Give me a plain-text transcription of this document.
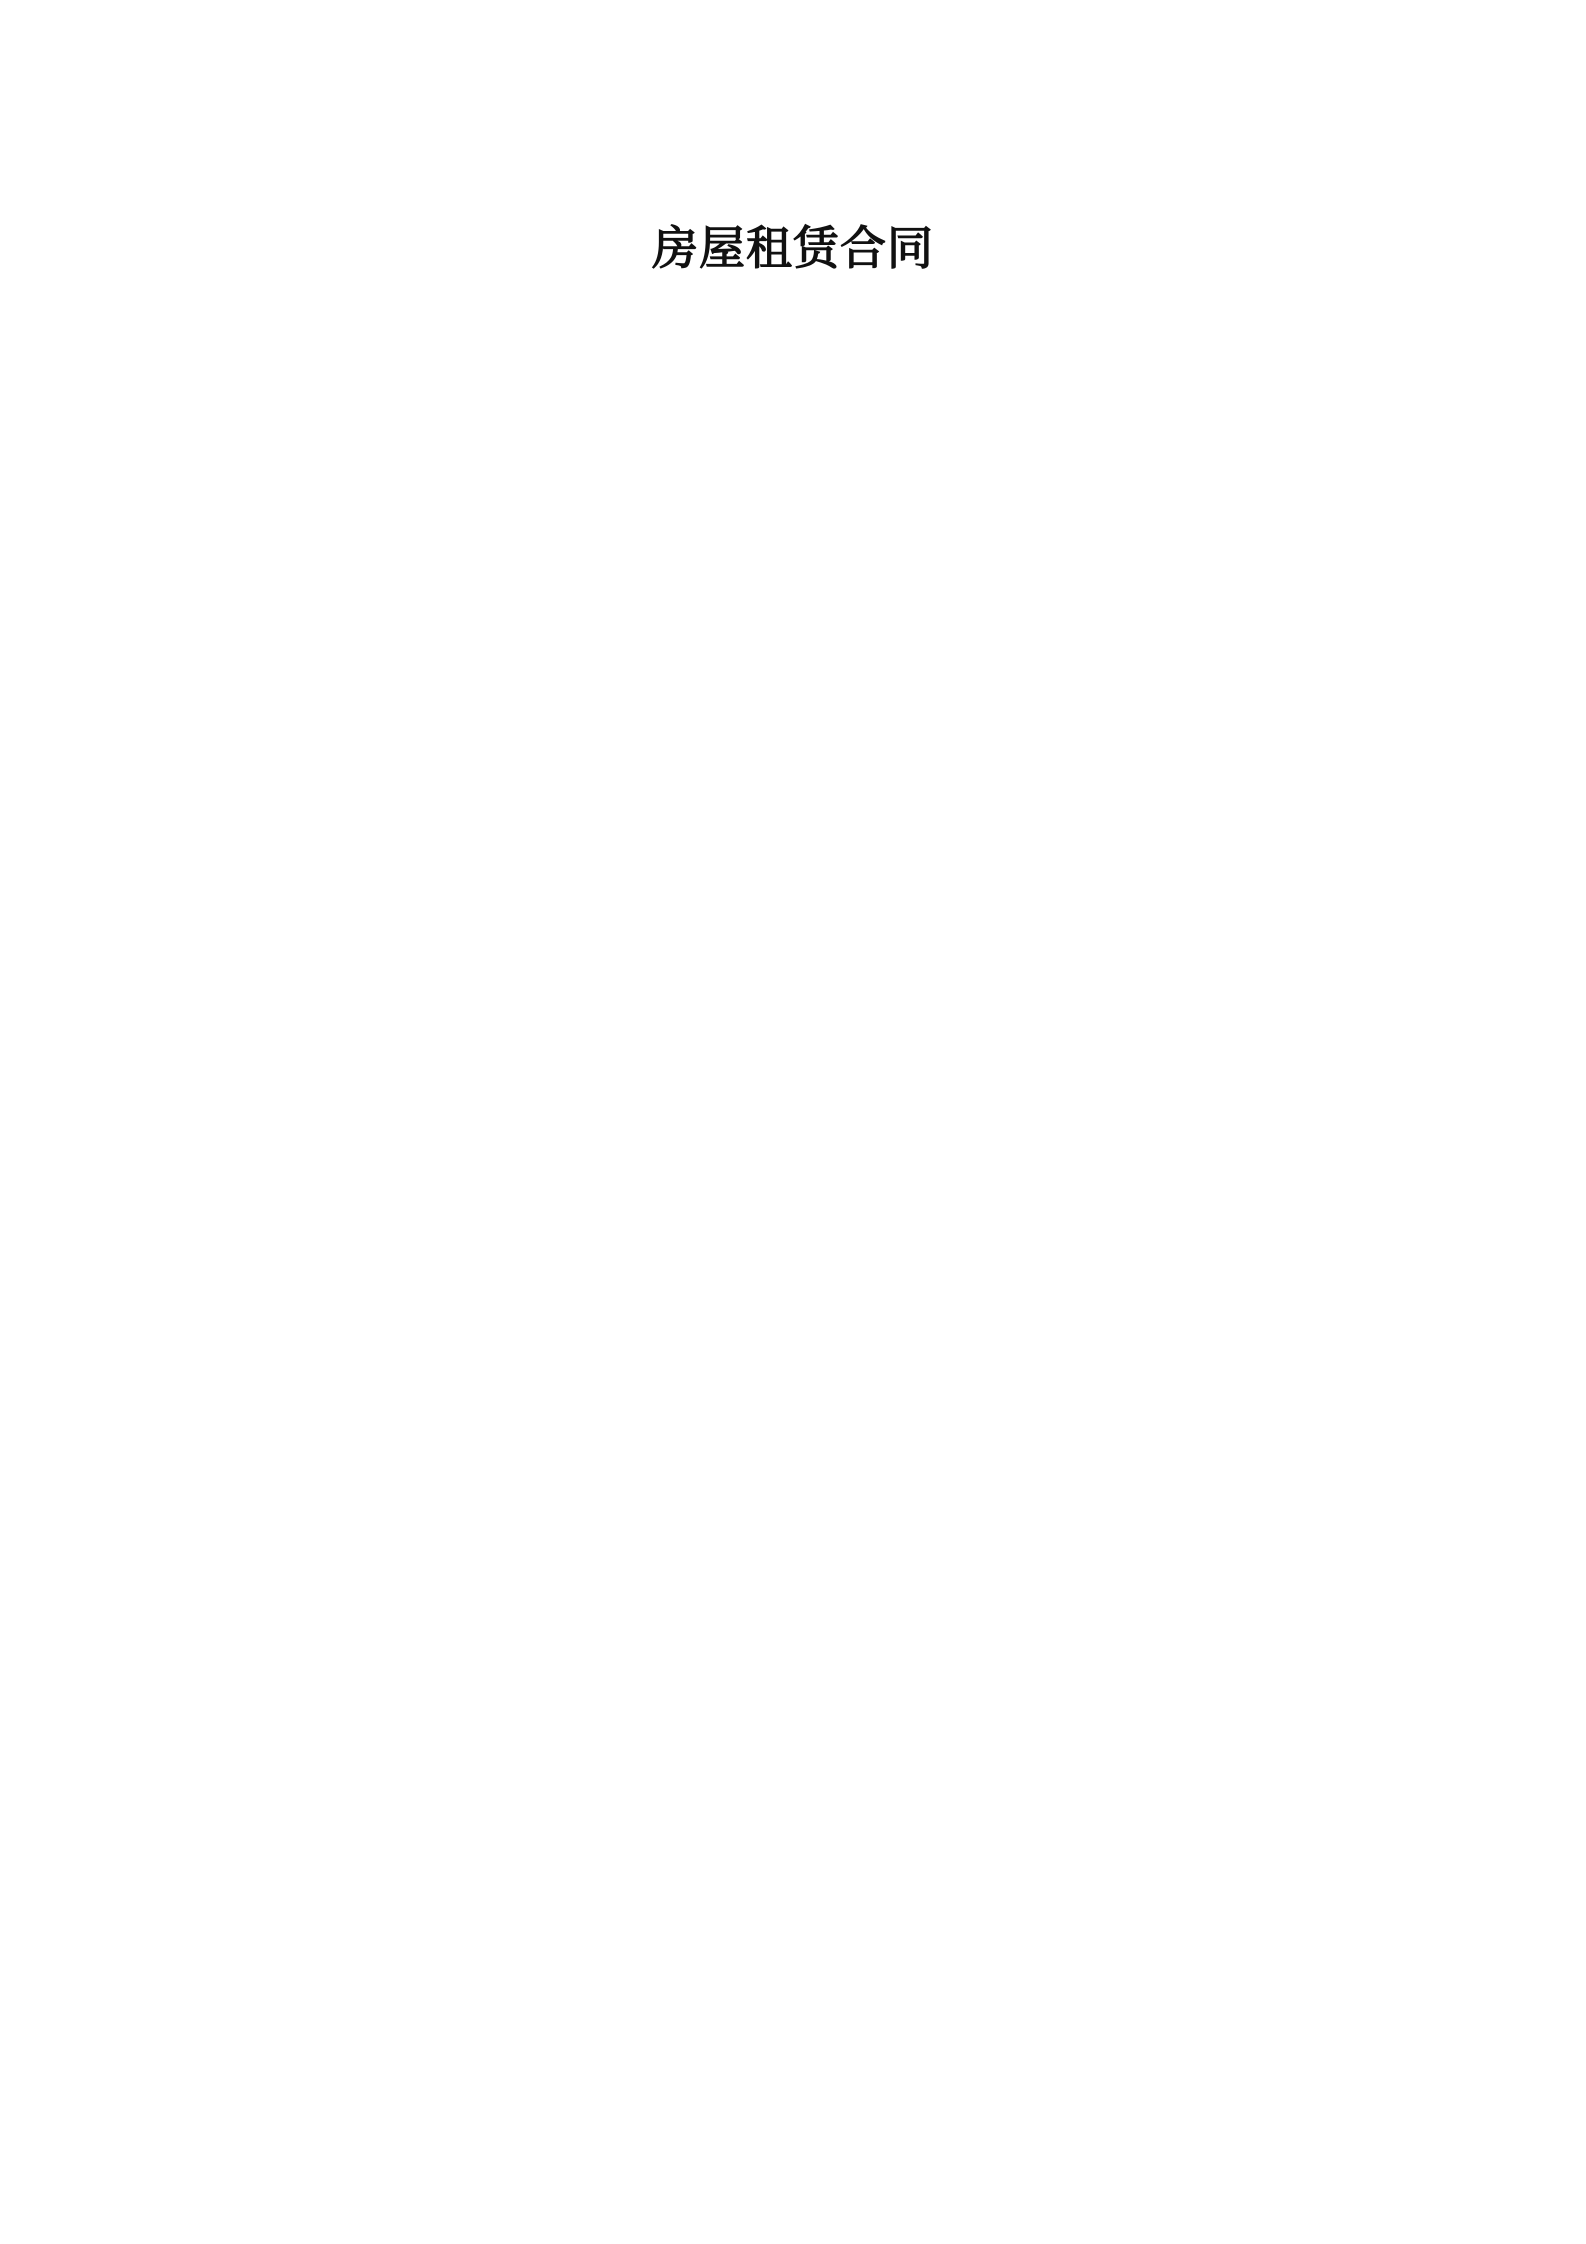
房屋租赁合同
